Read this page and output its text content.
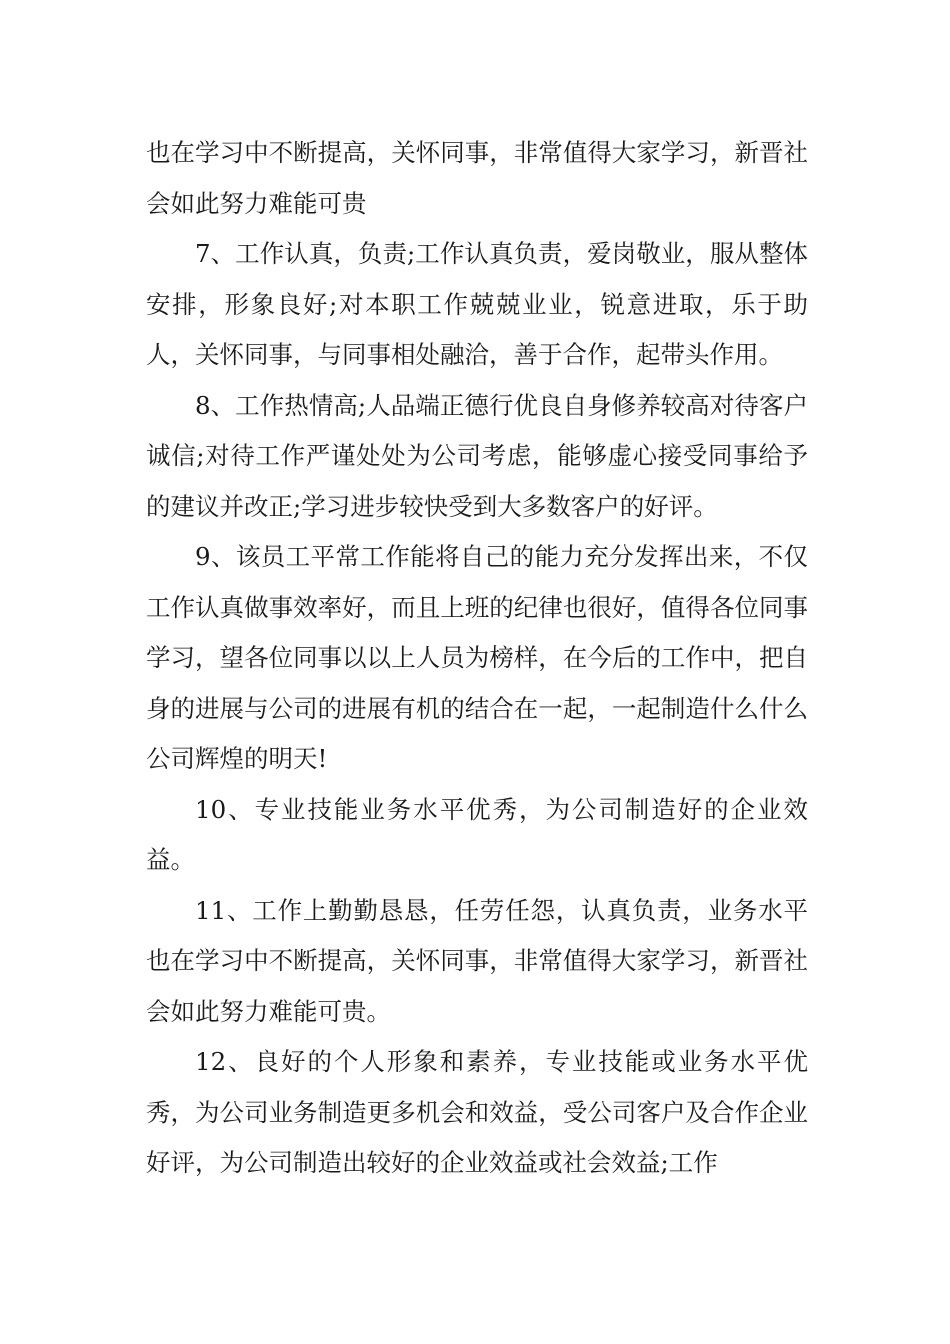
也在学习中不断提高，关怀同事，非常值得大家学习，新晋社会如此努力难能可贵

7、工作认真，负责;工作认真负责，爱岗敬业，服从整体安排，形象良好;对本职工作兢兢业业，锐意进取，乐于助人，关怀同事，与同事相处融洽，善于合作，起带头作用。

8、工作热情高;人品端正德行优良自身修养较高对待客户诚信;对待工作严谨处处为公司考虑，能够虚心接受同事给予的建议并改正;学习进步较快受到大多数客户的好评。

9、该员工平常工作能将自己的能力充分发挥出来，不仅工作认真做事效率好，而且上班的纪律也很好，值得各位同事学习，望各位同事以以上人员为榜样，在今后的工作中，把自身的进展与公司的进展有机的结合在一起，一起制造什么什么公司辉煌的明天!

10、专业技能业务水平优秀，为公司制造好的企业效益。

11、工作上勤勤恳恳，任劳任怨，认真负责，业务水平也在学习中不断提高，关怀同事，非常值得大家学习，新晋社会如此努力难能可贵。

12、良好的个人形象和素养，专业技能或业务水平优秀，为公司业务制造更多机会和效益，受公司客户及合作企业好评，为公司制造出较好的企业效益或社会效益;工作
